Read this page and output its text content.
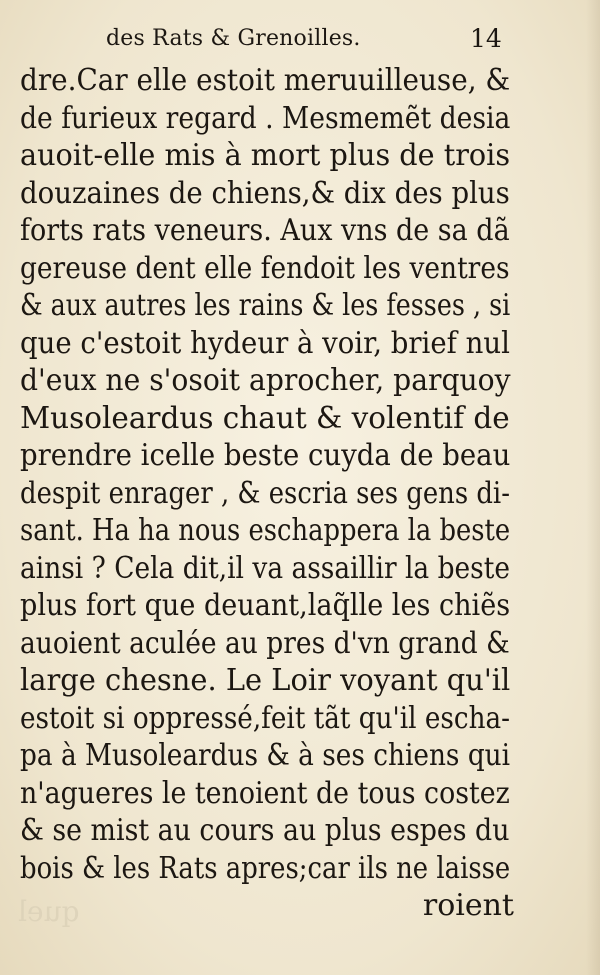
des Rats & Grenoilles.	14
dre.Car elle estoit meruuilleuse, &
de furieux regard . Mesmemẽt desia
auoit-elle mis à mort plus de trois
douzaines de chiens,& dix des plus
forts rats veneurs. Aux vns de sa dã
gereuse dent elle fendoit les ventres
& aux autres les rains & les fesses , si
que c'estoit hydeur à voir, brief nul
d'eux ne s'osoit aprocher, parquoy
Musoleardus chaut & volentif de
prendre icelle beste cuyda de beau
despit enrager , & escria ses gens di-
sant. Ha ha nous eschappera la beste
ainsi ? Cela dit,il va assaillir la beste
plus fort que deuant,laq̃lle les chiẽs
auoient aculée au pres d'vn grand &
large chesne. Le Loir voyant qu'il
estoit si oppressé,feit tãt qu'il escha-
pa à Musoleardus & à ses chiens qui
n'agueres le tenoient de tous costez
& se mist au cours au plus espes du
bois & les Rats apres;car ils ne laisse
roient
quel
